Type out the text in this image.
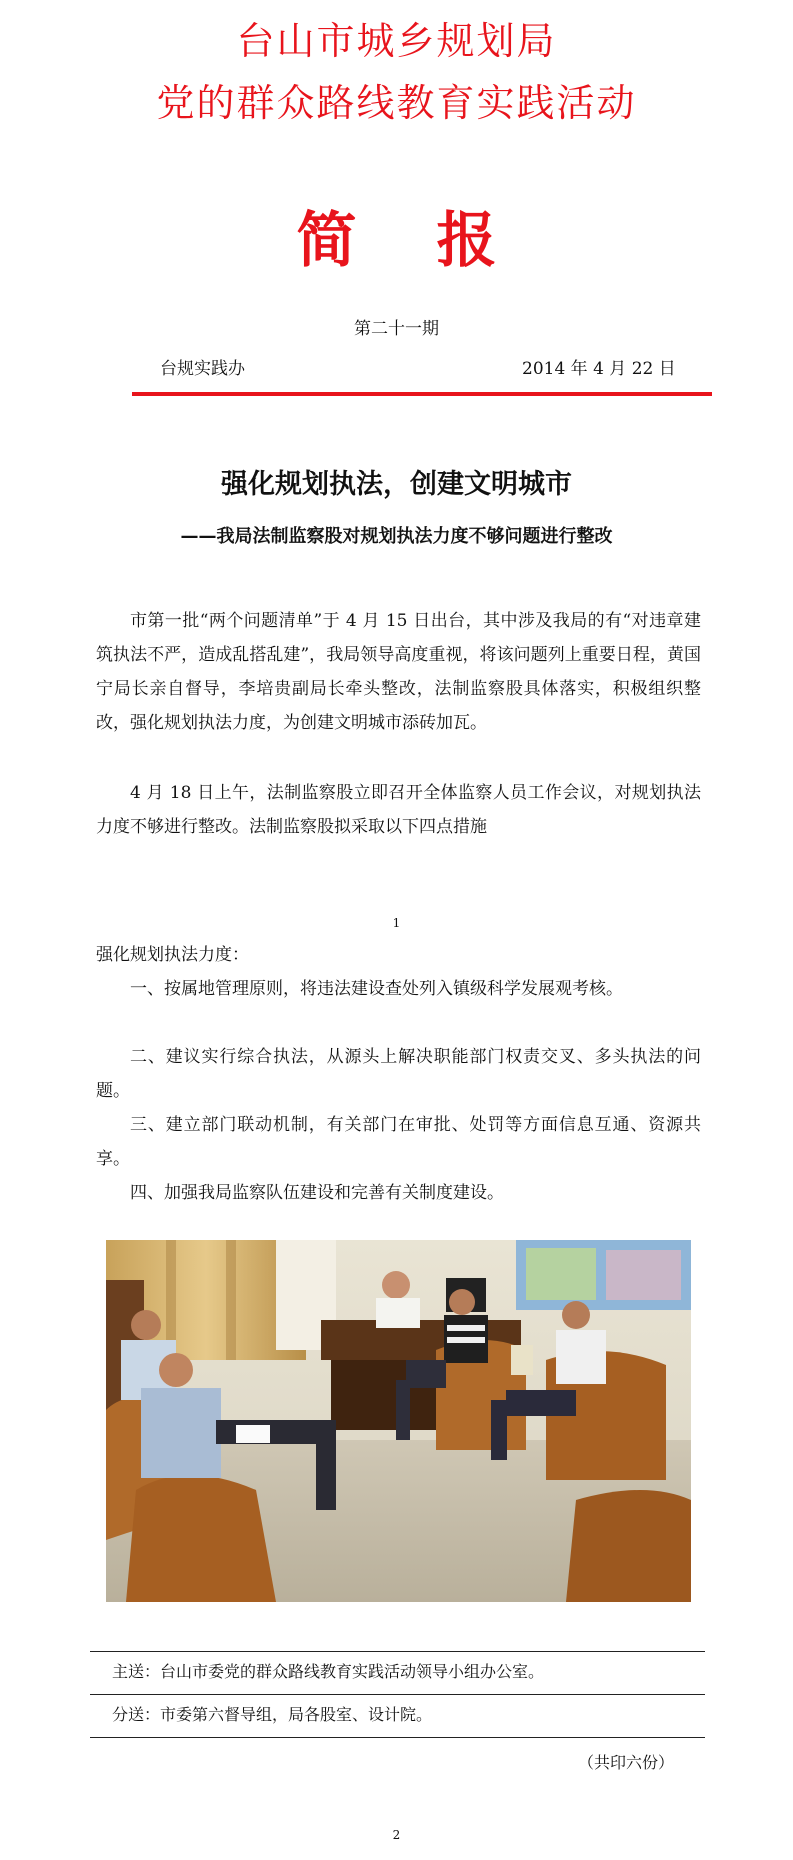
台山市城乡规划局
党的群众路线教育实践活动
简报
第二十一期
台规实践办	2014 年 4 月 22 日
强化规划执法，创建文明城市
——我局法制监察股对规划执法力度不够问题进行整改

市第一批“两个问题清单”于 4 月 15 日出台，其中涉及我局的有“对违章建筑执法不严，造成乱搭乱建”，我局领导高度重视，将该问题列上重要日程，黄国宁局长亲自督导，李培贵副局长牵头整改，法制监察股具体落实，积极组织整改，强化规划执法力度，为创建文明城市添砖加瓦。

4 月 18 日上午，法制监察股立即召开全体监察人员工作会议，对规划执法力度不够进行整改。法制监察股拟采取以下四点措施

1

强化规划执法力度：

一、按属地管理原则，将违法建设查处列入镇级科学发展观考核。

二、建议实行综合执法，从源头上解决职能部门权责交叉、多头执法的问题。

三、建立部门联动机制，有关部门在审批、处罚等方面信息互通、资源共享。

四、加强我局监察队伍建设和完善有关制度建设。

主送：台山市委党的群众路线教育实践活动领导小组办公室。
分送：市委第六督导组，局各股室、设计院。
（共印六份）
2
